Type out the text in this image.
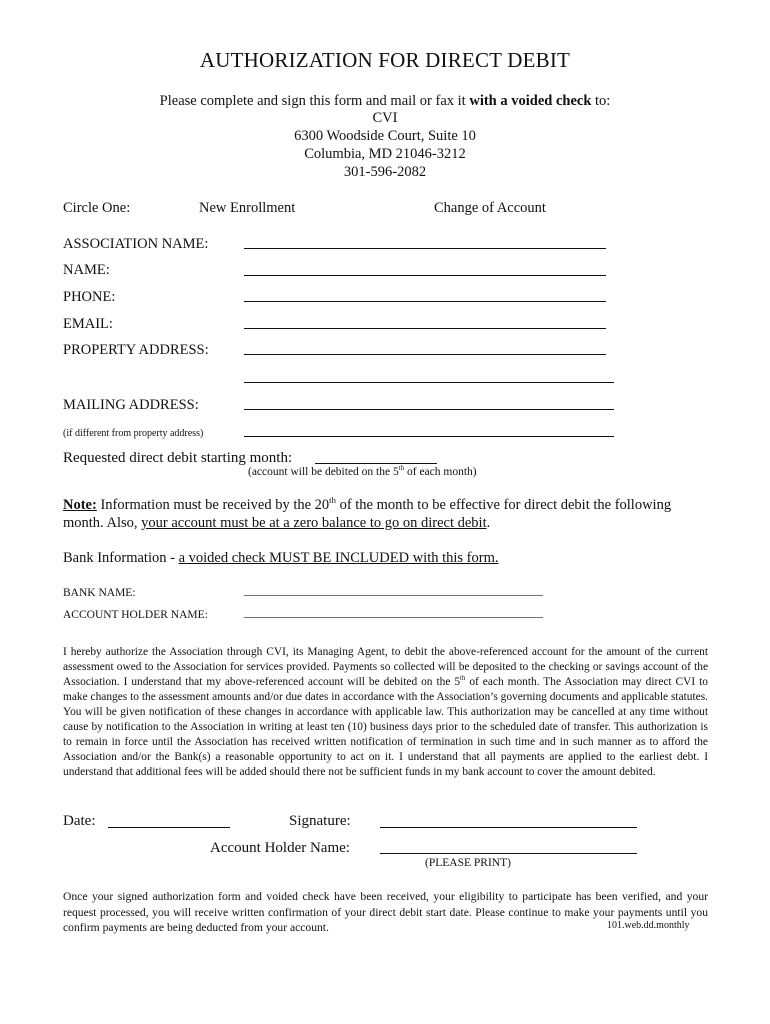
AUTHORIZATION FOR DIRECT DEBIT
Please complete and sign this form and mail or fax it with a voided check to:
CVI
6300 Woodside Court, Suite 10
Columbia, MD 21046-3212
301-596-2082
Circle One:	New Enrollment	Change of Account
ASSOCIATION NAME:
NAME:
PHONE:
EMAIL:
PROPERTY ADDRESS:
MAILING ADDRESS:
(if different from property address)
Requested direct debit starting month:
(account will be debited on the 5th of each month)
Note: Information must be received by the 20th of the month to be effective for direct debit the following
month. Also, your account must be at a zero balance to go on direct debit.
Bank Information - a voided check MUST BE INCLUDED with this form.
BANK NAME:	____________________________________________________
ACCOUNT HOLDER NAME:	____________________________________________________
I hereby authorize the Association through CVI, its Managing Agent, to debit the above-referenced account for the amount of the current assessment owed to the Association for services provided. Payments so collected will be deposited to the checking or savings account of the Association. I understand that my above-referenced account will be debited on the 5th of each month. The Association may direct CVI to make changes to the assessment amounts and/or due dates in accordance with the Association’s governing documents and applicable statutes. You will be given notification of these changes in accordance with applicable law. This authorization may be cancelled at any time without cause by notification to the Association in writing at least ten (10) business days prior to the scheduled date of transfer. This authorization is to remain in force until the Association has received written notification of termination in such time and in such manner as to afford the Association and/or the Bank(s) a reasonable opportunity to act on it. I understand that all payments are applied to the earliest debt. I understand that additional fees will be added should there not be sufficient funds in my bank account to cover the amount debited.
Date:	Signature:
Account Holder Name:
(PLEASE PRINT)
Once your signed authorization form and voided check have been received, your eligibility to participate has been verified, and your request processed, you will receive written confirmation of your direct debit start date. Please continue to make your payments until you confirm payments are being deducted from your account.	101.web.dd.monthly
